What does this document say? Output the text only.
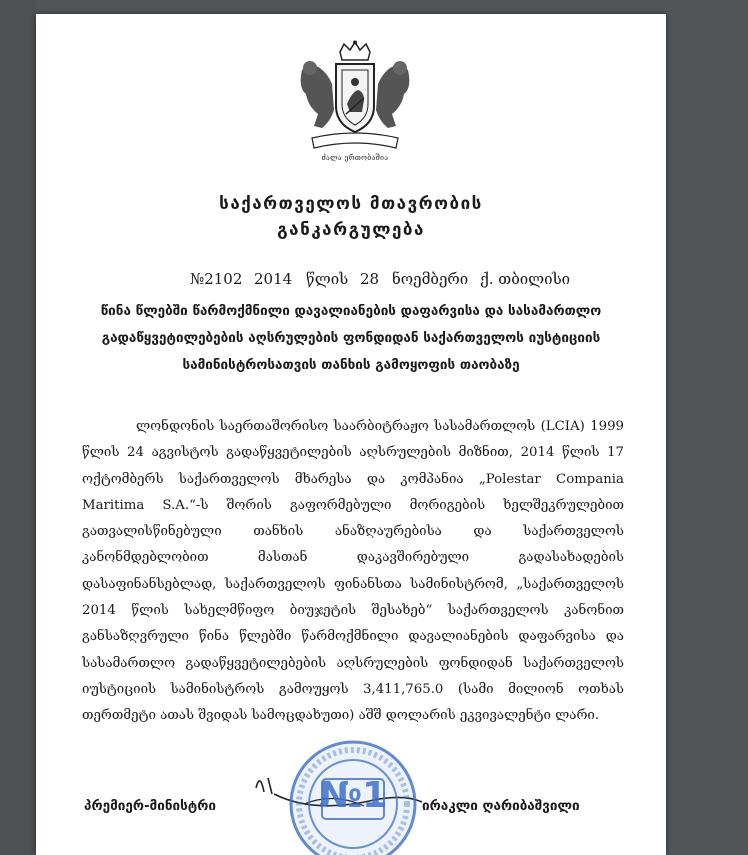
ძალა ერთობაშია
საქართველოს მთავრობის
განკარგულება
№2102 2014 წლის 28 ნოემბერი ქ. თბილისი
წინა წლებში წარმოქმნილი დავალიანების დაფარვისა და სასამართლო
გადაწყვეტილებების აღსრულების ფონდიდან საქართველოს იუსტიციის
სამინისტროსათვის თანხის გამოყოფის თაობაზე
ლონდონის საერთაშორისო საარბიტრაჟო სასამართლოს (LCIA) 1999 წლის 24 აგვისტოს გადაწყვეტილების აღსრულების მიზნით, 2014 წლის 17 ოქტომბერს საქართველოს მხარესა და კომპანია „Polestar Compania Maritima S.A.“-ს შორის გაფორმებული მორიგების ხელშეკრულებით გათვალისწინებული თანხის ანაზღაურებისა და საქართველოს კანონმდებლობით მასთან დაკავშირებული გადასახადების დასაფინანსებლად, საქართველოს ფინანსთა სამინისტრომ, „საქართველოს 2014 წლის სახელმწიფო ბიუჯეტის შესახებ“ საქართველოს კანონით განსაზღვრული წინა წლებში წარმოქმნილი დავალიანების დაფარვისა და სასამართლო გადაწყვეტილებების აღსრულების ფონდიდან საქართველოს იუსტიციის სამინისტროს გამოუყოს 3,411,765.0 (სამი მილიონ ოთხას თერთმეტი ათას შვიდას სამოცდახუთი) აშშ დოლარის ეკვივალენტი ლარი.
პრემიერ-მინისტრი	№1	ირაკლი ღარიბაშვილი
